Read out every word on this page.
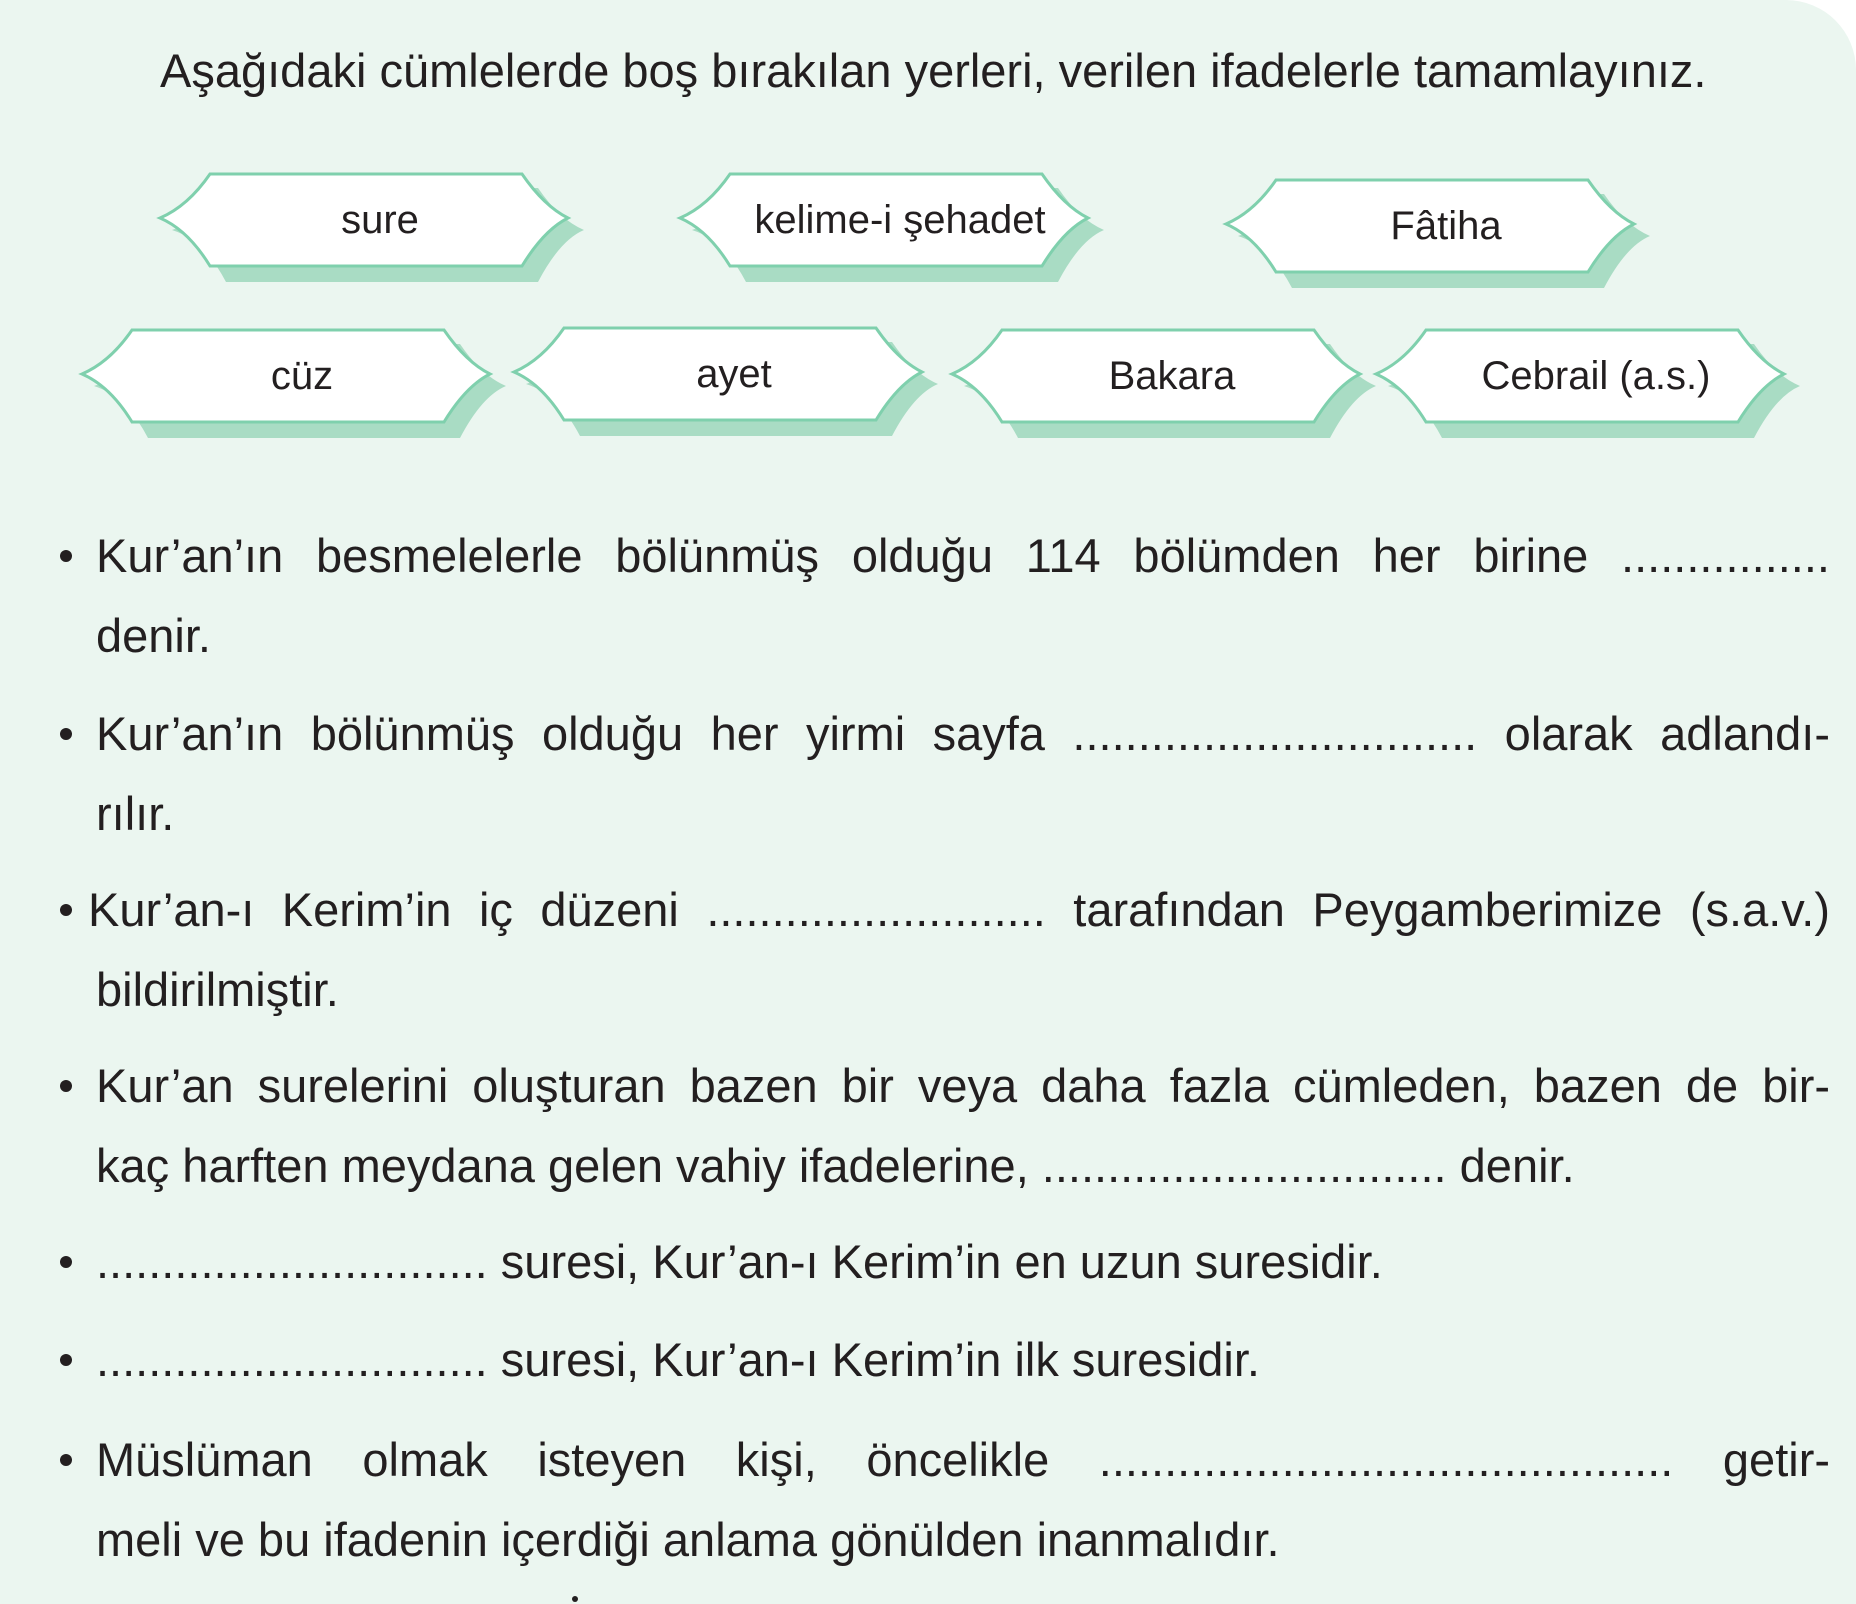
Aşağıdaki cümlelerde boş bırakılan yerleri, verilen ifadelerle tamamlayınız.
sure	kelime-i şehadet	Fâtiha
cüz	ayet	Bakara	Cebrail (a.s.)
Kur’an’ın besmelelerle bölünmüş olduğu 114 bölümden her birine ................
denir.
Kur’an’ın bölünmüş olduğu her yirmi sayfa ............................... olarak adlandı-
rılır.
Kur’an-ı Kerim’in iç düzeni .......................... tarafından Peygamberimize (s.a.v.)
bildirilmiştir.
Kur’an surelerini oluşturan bazen bir veya daha fazla cümleden, bazen de bir-
kaç harften meydana gelen vahiy ifadelerine, ............................... denir.
.............................. suresi, Kur’an-ı Kerim’in en uzun suresidir.
.............................. suresi, Kur’an-ı Kerim’in ilk suresidir.
Müslüman olmak isteyen kişi, öncelikle ............................................ getir-
meli ve bu ifadenin içerdiği anlama gönülden inanmalıdır.
